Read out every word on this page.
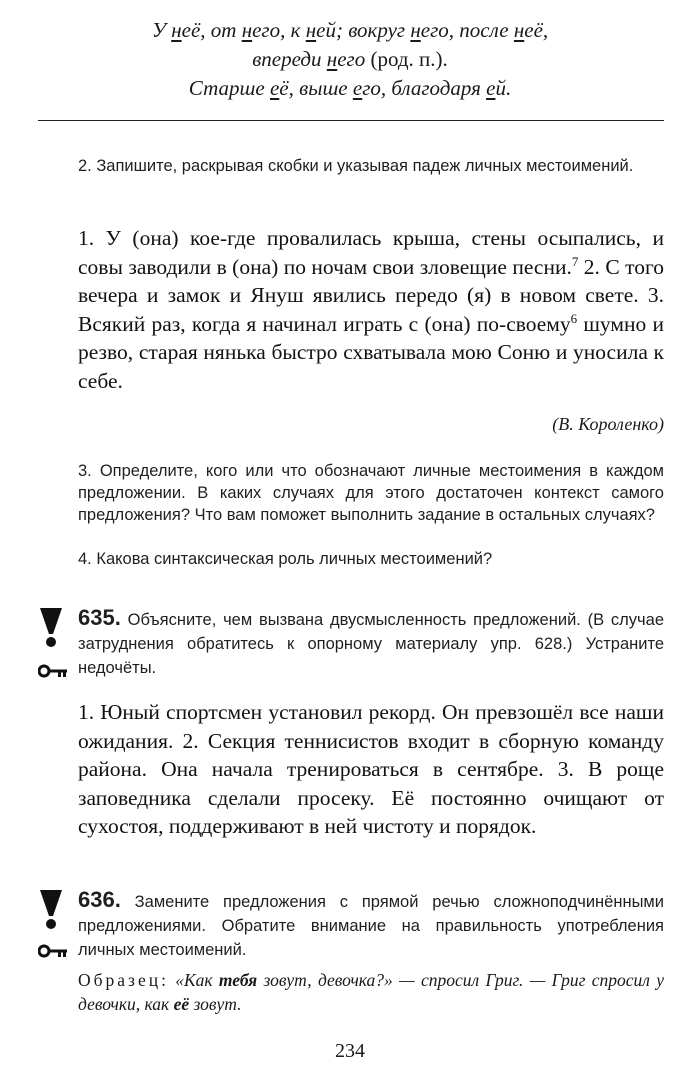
У неё, от него, к ней; вокруг него, после неё,
впереди него (род. п.).
Старше её, выше его, благодаря ей.
2. Запишите, раскрывая скобки и указывая падеж личных местоимений.
1. У (она) кое-где провалилась крыша, стены осыпались, и совы заводили в (она) по ночам свои зловещие песни.$^7$ 2. С того вечера и замок и Януш явились передо (я) в новом свете. 3. Всякий раз, когда я начинал играть с (она) по-своему$^6$ шумно и резво, старая нянька быстро схватывала мою Соню и уносила к себе.
(В. Короленко)
3. Определите, кого или что обозначают личные местоимения в каждом предложении. В каких случаях для этого достаточен контекст самого предложения? Что вам поможет выполнить задание в остальных случаях?
4. Какова синтаксическая роль личных местоимений?
635. Объясните, чем вызвана двусмысленность предложений. (В случае затруднения обратитесь к опорному материалу упр. 628.) Устраните недочёты.
1. Юный спортсмен установил рекорд. Он превзошёл все наши ожидания. 2. Секция теннисистов входит в сборную команду района. Она начала тренироваться в сентябре. 3. В роще заповедника сделали просеку. Её постоянно очищают от сухостоя, поддерживают в ней чистоту и порядок.
636. Замените предложения с прямой речью сложноподчинёнными предложениями. Обратите внимание на правильность употребления личных местоимений.
Образец: «Как тебя зовут, девочка?» — спросил Григ. — Григ спросил у девочки, как её зовут.
234
